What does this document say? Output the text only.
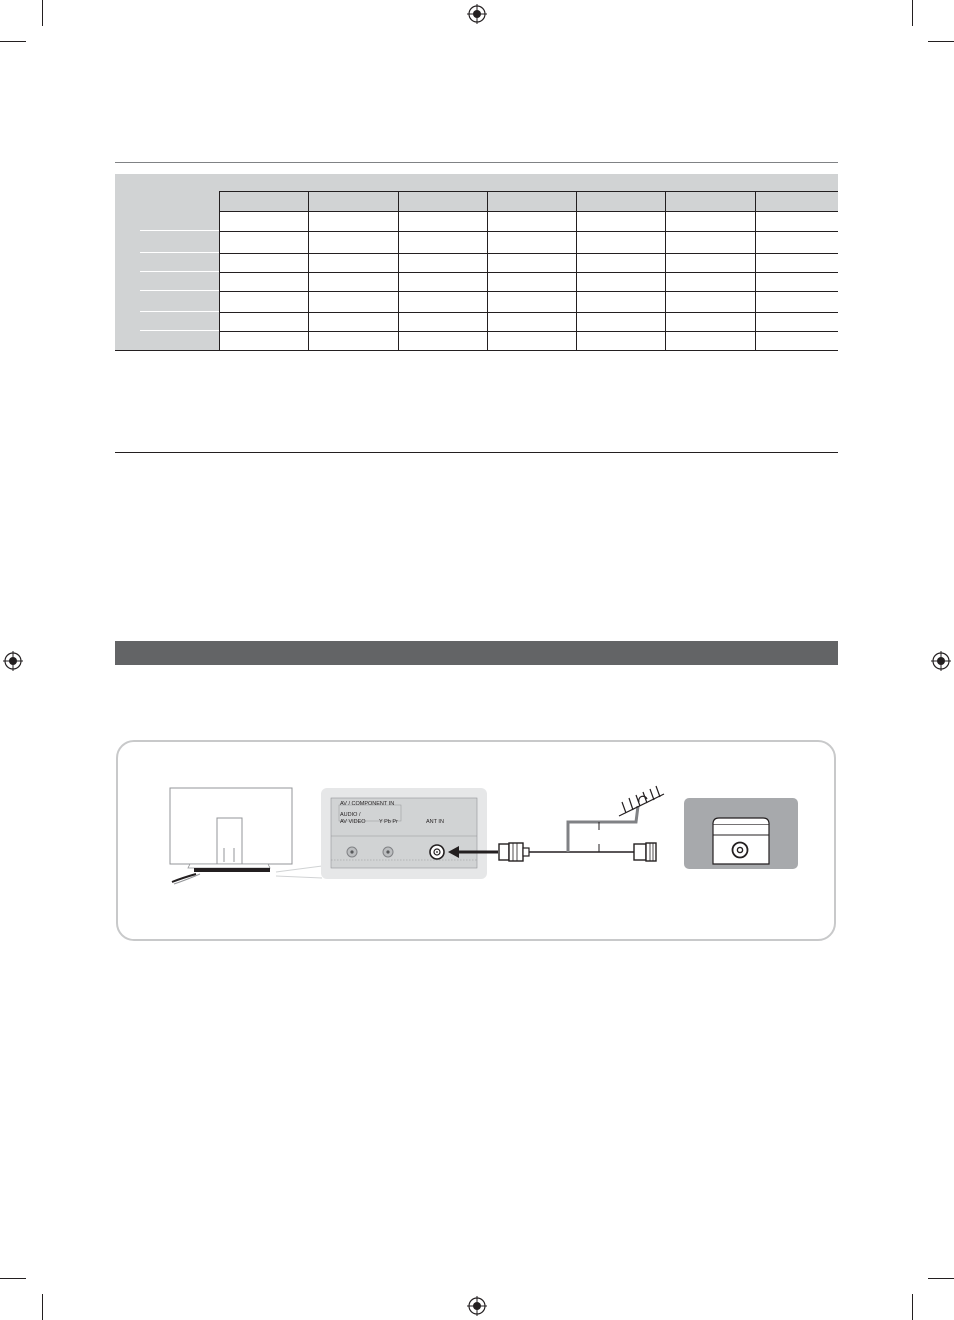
AV / COMPONENT IN
AUDIO /
AV VIDEO Y Pb Pr	ANT IN
